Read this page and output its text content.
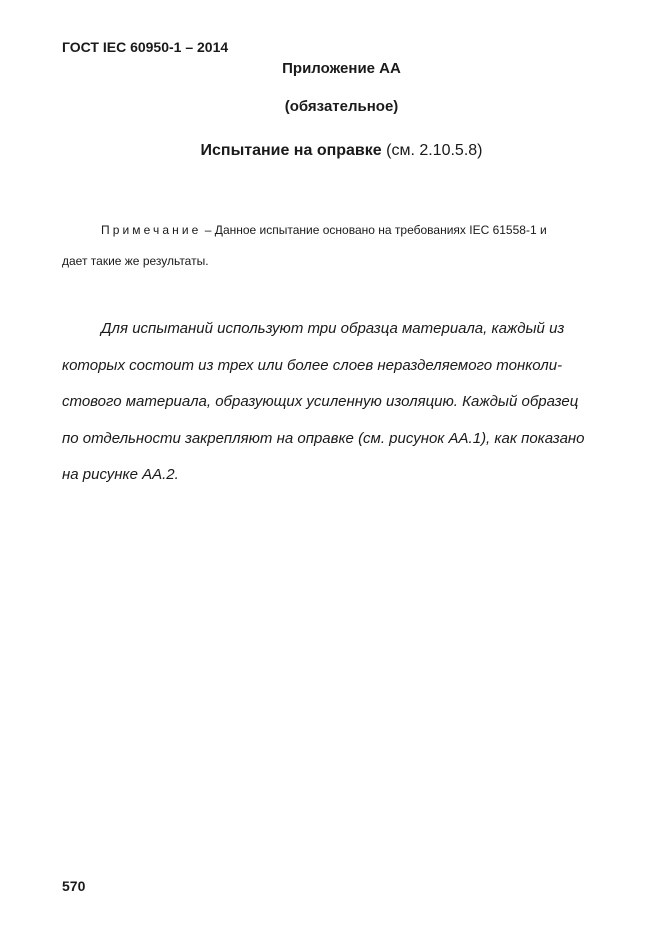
ГОСТ IEC 60950-1 – 2014
Приложение АА
(обязательное)
Испытание на оправке (см. 2.10.5.8)
Примечание – Данное испытание основано на требованиях IEC 61558-1 и
дает такие же результаты.
Для испытаний используют три образца материала, каждый из
которых состоит из трех или более слоев неразделяемого тонколи-
стового материала, образующих усиленную изоляцию. Каждый образец
по отдельности закрепляют на оправке (см. рисунок АА.1), как показано
на рисунке АА.2.
570
